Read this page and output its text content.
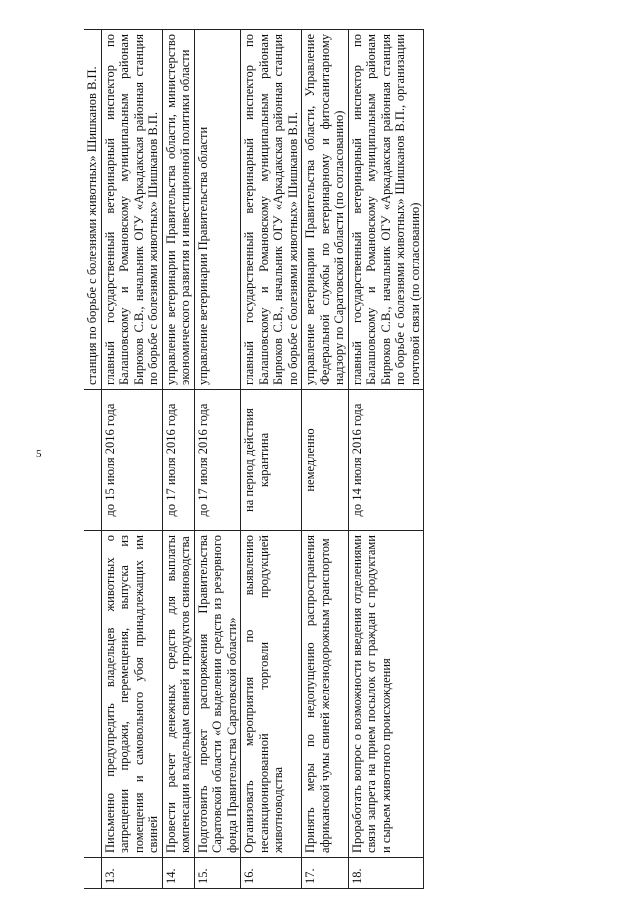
5
			станция по борьбе с болезнями животных» Шишканов В.П.
13.	Письменно предупредить владельцев животных о запрещении продажи, перемещения, выпуска из помещения и самовольного убоя принадлежащих им свиней	до 15 июля 2016 года	главный государственный ветеринарный инспектор по Балашовскому и Романовскому муниципальным районам Бирюков С.В., начальник ОГУ «Аркадакская районная станция по борьбе с болезнями животных» Шишканов В.П.
14.	Провести расчет денежных средств для выплаты компенсации владельцам свиней и продуктов свиноводства	до 17 июля 2016 года	управление ветеринарии Правительства области, министерство экономического развития и инвестиционной политики области
15.	Подготовить проект распоряжения Правительства Саратовской области «О выделении средств из резервного фонда Правительства Саратовской области»	до 17 июля 2016 года	управление ветеринарии Правительства области
16.	Организовать мероприятия по выявлению несанкционированной торговли продукцией животноводства	на период действия карантина	главный государственный ветеринарный инспектор по Балашовскому и Романовскому муниципальным районам Бирюков С.В., начальник ОГУ «Аркадакская районная станция по борьбе с болезнями животных» Шишканов В.П.
17.	Принять меры по недопущению распространения африканской чумы свиней железнодорожным транспортом	немедленно	управление ветеринарии Правительства области, Управление Федеральной службы по ветеринарному и фитосанитарному надзору по Саратовской области (по согласованию)
18.	Проработать вопрос о возможности введения отделениями связи запрета на прием посылок от граждан с продуктами и сырьем животного происхождения	до 14 июля 2016 года	главный государственный ветеринарный инспектор по Балашовскому и Романовскому муниципальным районам Бирюков С.В., начальник ОГУ «Аркадакская районная станция по борьбе с болезнями животных» Шишканов В.П., организации почтовой связи (по согласованию)
